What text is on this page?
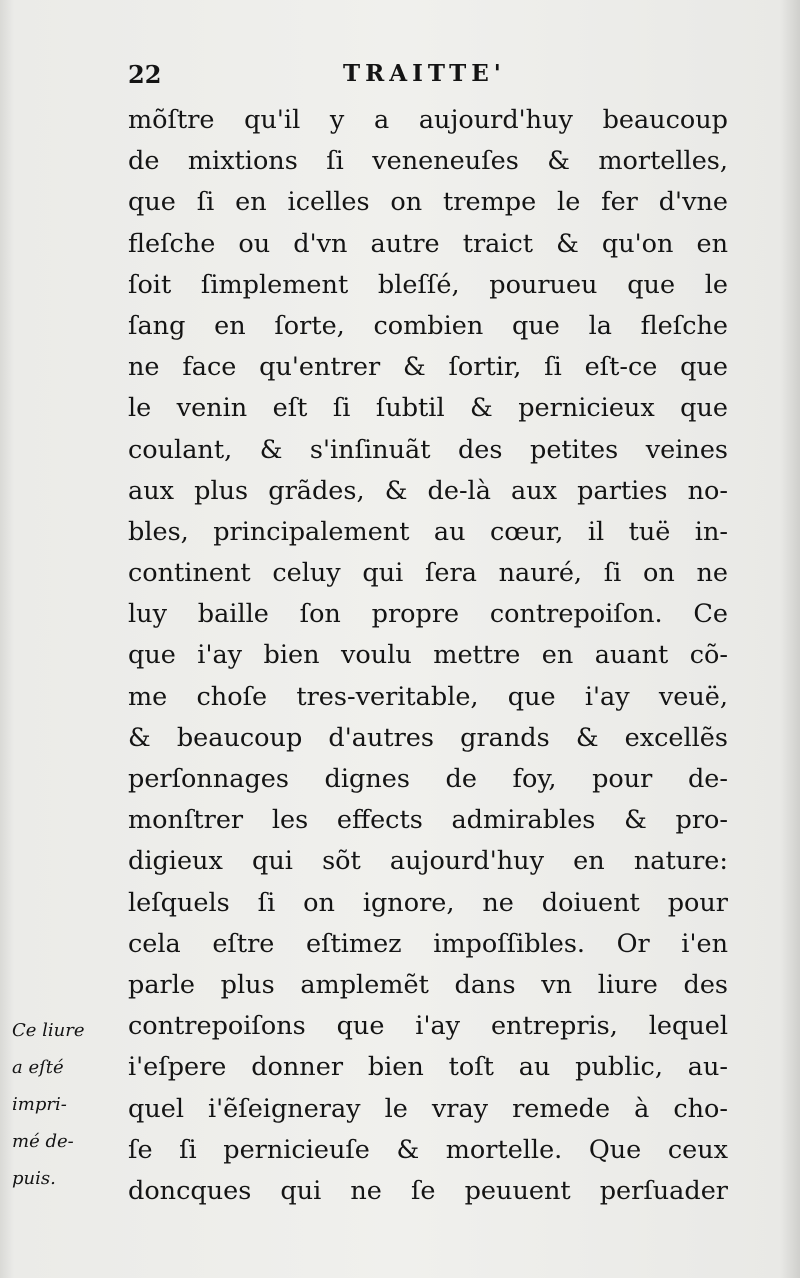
22	TRAITTE'
mõſtre qu'il y a aujourd'huy beaucoup
de mixtions ſi veneneuſes & mortelles,
que ſi en icelles on trempe le fer d'vne
fleſche ou d'vn autre traict & qu'on en
ſoit ſimplement bleſſé, pourueu que le
ſang en ſorte, combien que la fleſche
ne face qu'entrer & ſortir, ſi eſt-ce que
le venin eſt ſi ſubtil & pernicieux que
coulant, & s'inſinuãt des petites veines
aux plus grãdes, & de-là aux parties no-
bles, principalement au cœur, il tuë in-
continent celuy qui ſera nauré, ſi on ne
luy baille ſon propre contrepoiſon. Ce
que i'ay bien voulu mettre en auant cõ-
me choſe tres-veritable, que i'ay veuë,
& beaucoup d'autres grands & excellẽs
perſonnages dignes de foy, pour de-
monſtrer les effects admirables & pro-
digieux qui sõt aujourd'huy en nature:
leſquels ſi on ignore, ne doiuent pour
cela eſtre eſtimez impoſſibles. Or i'en
parle plus amplemẽt dans vn liure des
contrepoiſons que i'ay entrepris, lequel
i'eſpere donner bien toſt au public, au-
quel i'ẽſeigneray le vray remede à cho-
ſe ſi pernicieuſe & mortelle. Que ceux
doncques qui ne ſe peuuent perſuader
Ce liure
a eſté
impri-
mé de-
puis.
